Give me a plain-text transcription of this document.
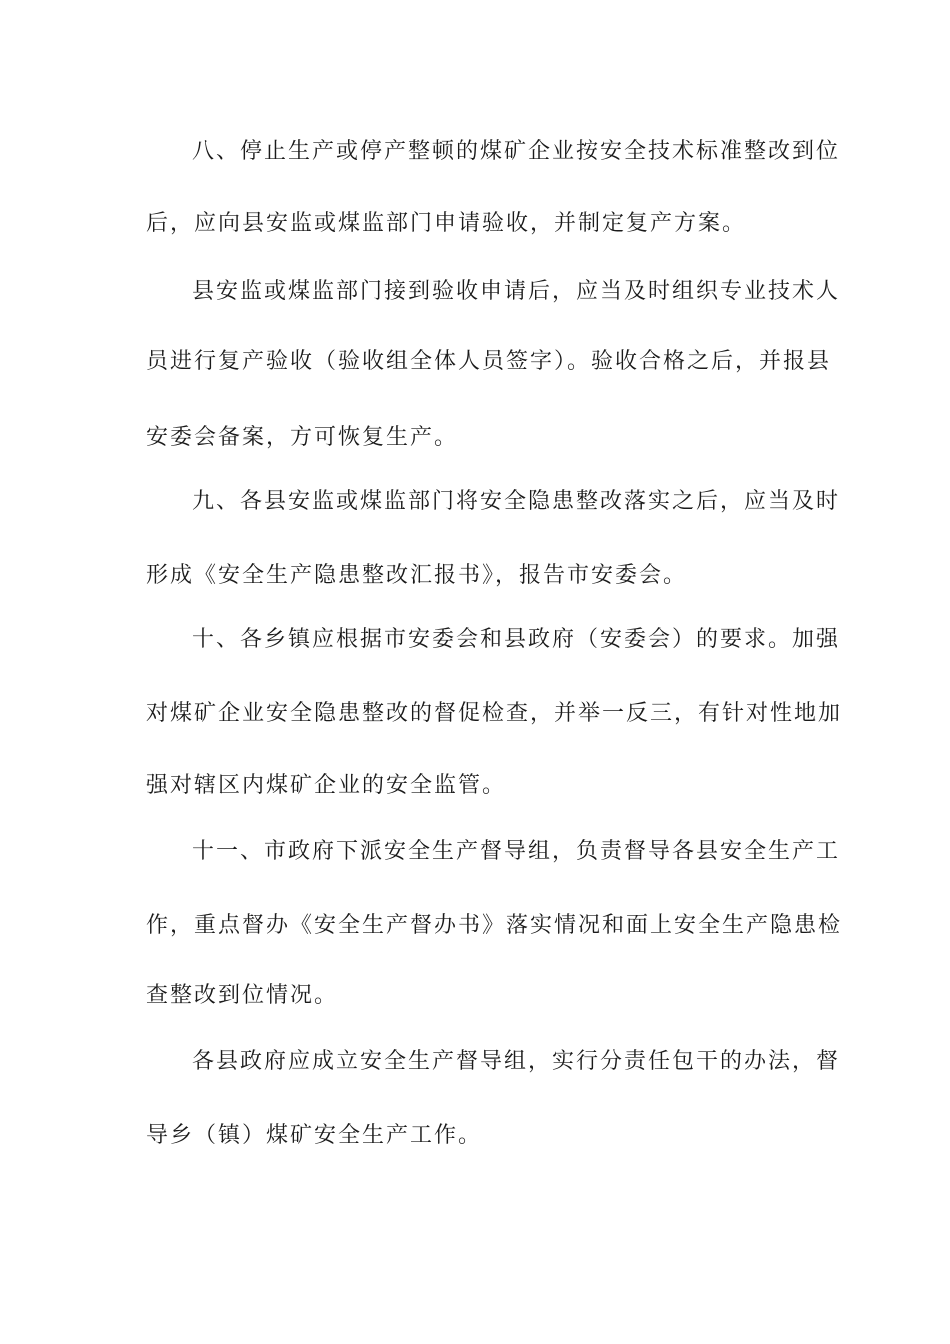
八、停止生产或停产整顿的煤矿企业按安全技术标准整改到位
后，应向县安监或煤监部门申请验收，并制定复产方案。
县安监或煤监部门接到验收申请后，应当及时组织专业技术人
员进行复产验收（验收组全体人员签字）。验收合格之后，并报县
安委会备案，方可恢复生产。
九、各县安监或煤监部门将安全隐患整改落实之后，应当及时
形成《安全生产隐患整改汇报书》，报告市安委会。
十、各乡镇应根据市安委会和县政府（安委会）的要求。加强
对煤矿企业安全隐患整改的督促检查，并举一反三，有针对性地加
强对辖区内煤矿企业的安全监管。
十一、市政府下派安全生产督导组，负责督导各县安全生产工
作，重点督办《安全生产督办书》落实情况和面上安全生产隐患检
查整改到位情况。
各县政府应成立安全生产督导组，实行分责任包干的办法，督
导乡（镇）煤矿安全生产工作。
